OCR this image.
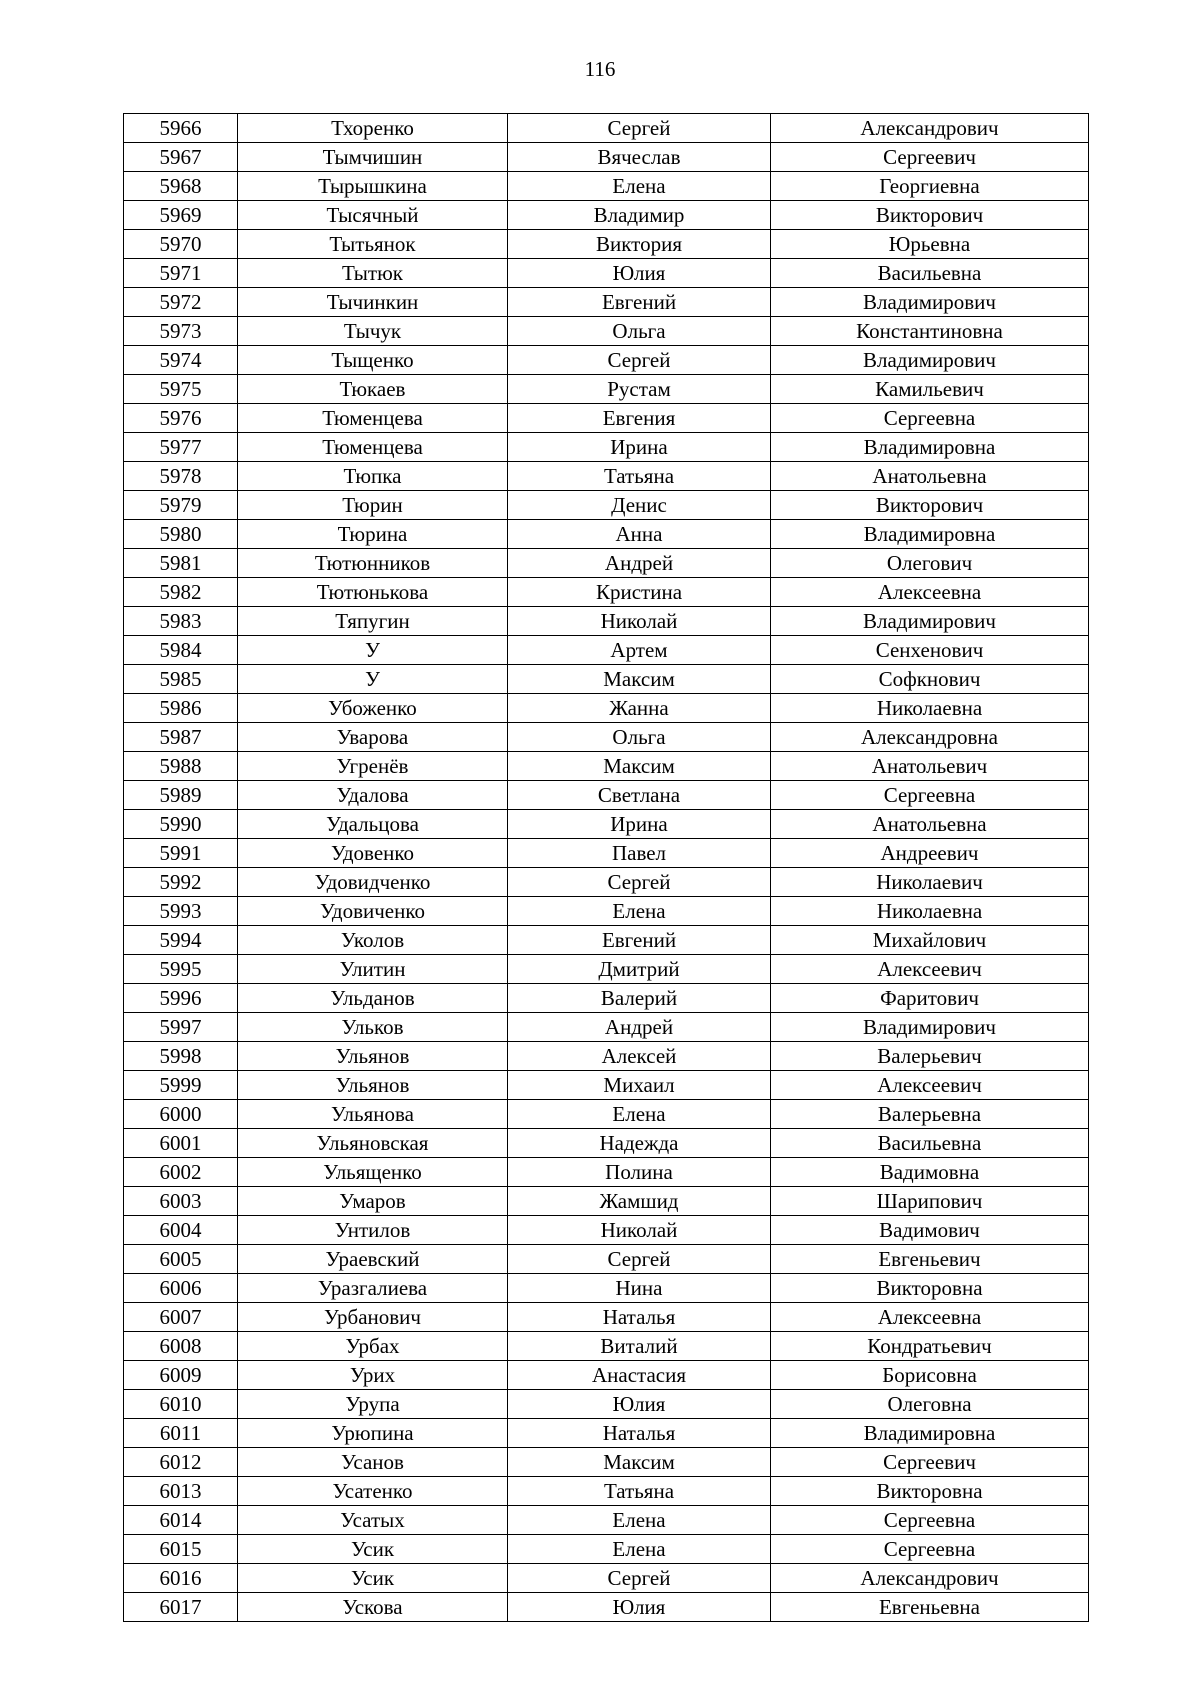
116
5966	Тхоренко	Сергей	Александрович
5967	Тымчишин	Вячеслав	Сергеевич
5968	Тырышкина	Елена	Георгиевна
5969	Тысячный	Владимир	Викторович
5970	Тытьянок	Виктория	Юрьевна
5971	Тытюк	Юлия	Васильевна
5972	Тычинкин	Евгений	Владимирович
5973	Тычук	Ольга	Константиновна
5974	Тыщенко	Сергей	Владимирович
5975	Тюкаев	Рустам	Камильевич
5976	Тюменцева	Евгения	Сергеевна
5977	Тюменцева	Ирина	Владимировна
5978	Тюпка	Татьяна	Анатольевна
5979	Тюрин	Денис	Викторович
5980	Тюрина	Анна	Владимировна
5981	Тютюнников	Андрей	Олегович
5982	Тютюнькова	Кристина	Алексеевна
5983	Тяпугин	Николай	Владимирович
5984	У	Артем	Сенхенович
5985	У	Максим	Софкнович
5986	Убоженко	Жанна	Николаевна
5987	Уварова	Ольга	Александровна
5988	Угренёв	Максим	Анатольевич
5989	Удалова	Светлана	Сергеевна
5990	Удальцова	Ирина	Анатольевна
5991	Удовенко	Павел	Андреевич
5992	Удовидченко	Сергей	Николаевич
5993	Удовиченко	Елена	Николаевна
5994	Уколов	Евгений	Михайлович
5995	Улитин	Дмитрий	Алексеевич
5996	Ульданов	Валерий	Фаритович
5997	Ульков	Андрей	Владимирович
5998	Ульянов	Алексей	Валерьевич
5999	Ульянов	Михаил	Алексеевич
6000	Ульянова	Елена	Валерьевна
6001	Ульяновская	Надежда	Васильевна
6002	Ульященко	Полина	Вадимовна
6003	Умаров	Жамшид	Шарипович
6004	Унтилов	Николай	Вадимович
6005	Ураевский	Сергей	Евгеньевич
6006	Уразгалиева	Нина	Викторовна
6007	Урбанович	Наталья	Алексеевна
6008	Урбах	Виталий	Кондратьевич
6009	Урих	Анастасия	Борисовна
6010	Урупа	Юлия	Олеговна
6011	Урюпина	Наталья	Владимировна
6012	Усанов	Максим	Сергеевич
6013	Усатенко	Татьяна	Викторовна
6014	Усатых	Елена	Сергеевна
6015	Усик	Елена	Сергеевна
6016	Усик	Сергей	Александрович
6017	Ускова	Юлия	Евгеньевна
